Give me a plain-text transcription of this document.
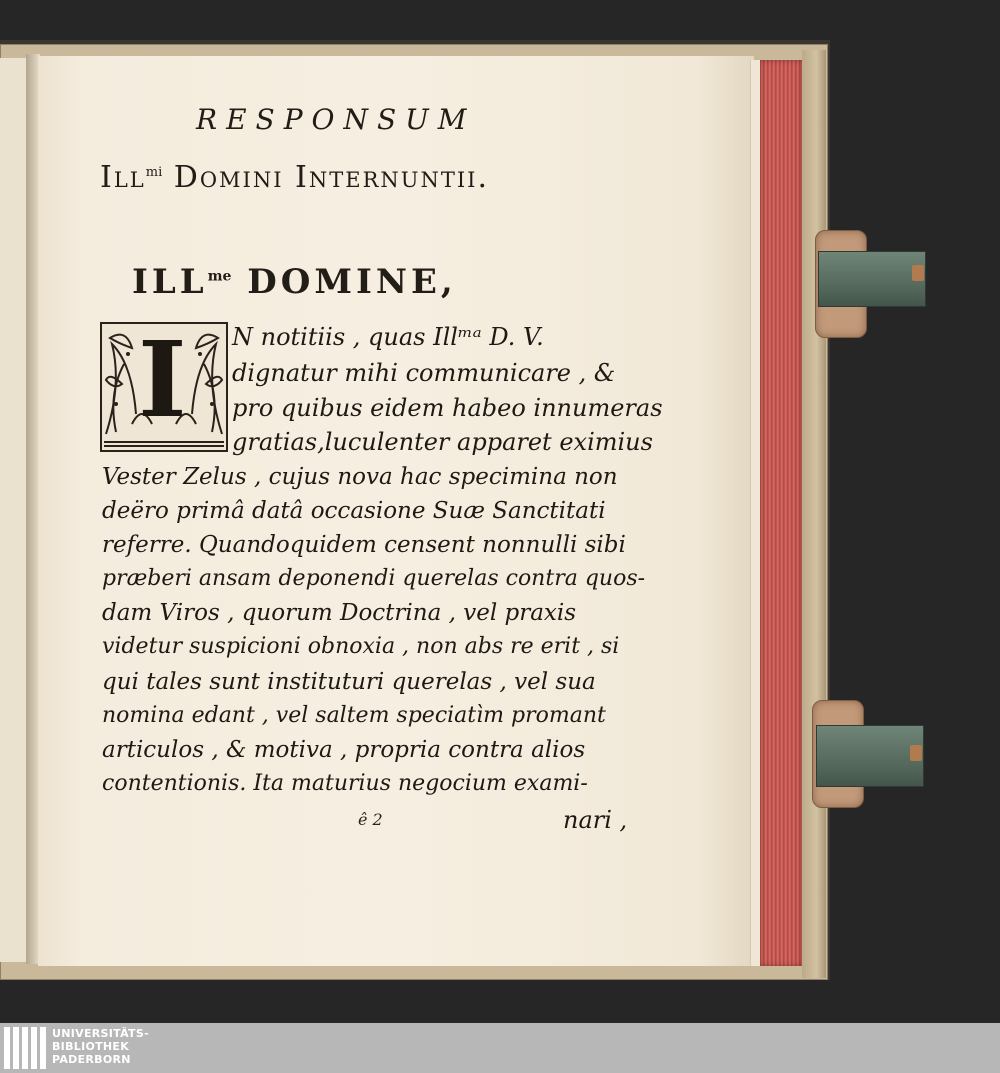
RESPONSUM
Ill$^{mi}$ Domini Internuntii.
$ILL^{me}$ DOMINE,
I N notitiis , quas Illᵐᵃ D. V.
dignatur mihi communicare , &
pro quibus eidem habeo innumeras
gratias,luculenter apparet eximius
Vester Zelus , cujus nova hac specimina non
deëro primâ datâ occasione Suæ Sanctitati
referre. Quandoquidem censent nonnulli sibi
præberi ansam deponendi querelas contra quos-
dam Viros , quorum Doctrina , vel praxis
videtur suspicioni obnoxia , non abs re erit , si
qui tales sunt instituturi querelas , vel sua
nomina edant , vel saltem speciatìm promant
articulos , & motiva , propria contra alios
contentionis. Ita maturius negocium exami-
ê 2	nari ,
UNIVERSITÄTS-
BIBLIOTHEK
PADERBORN
